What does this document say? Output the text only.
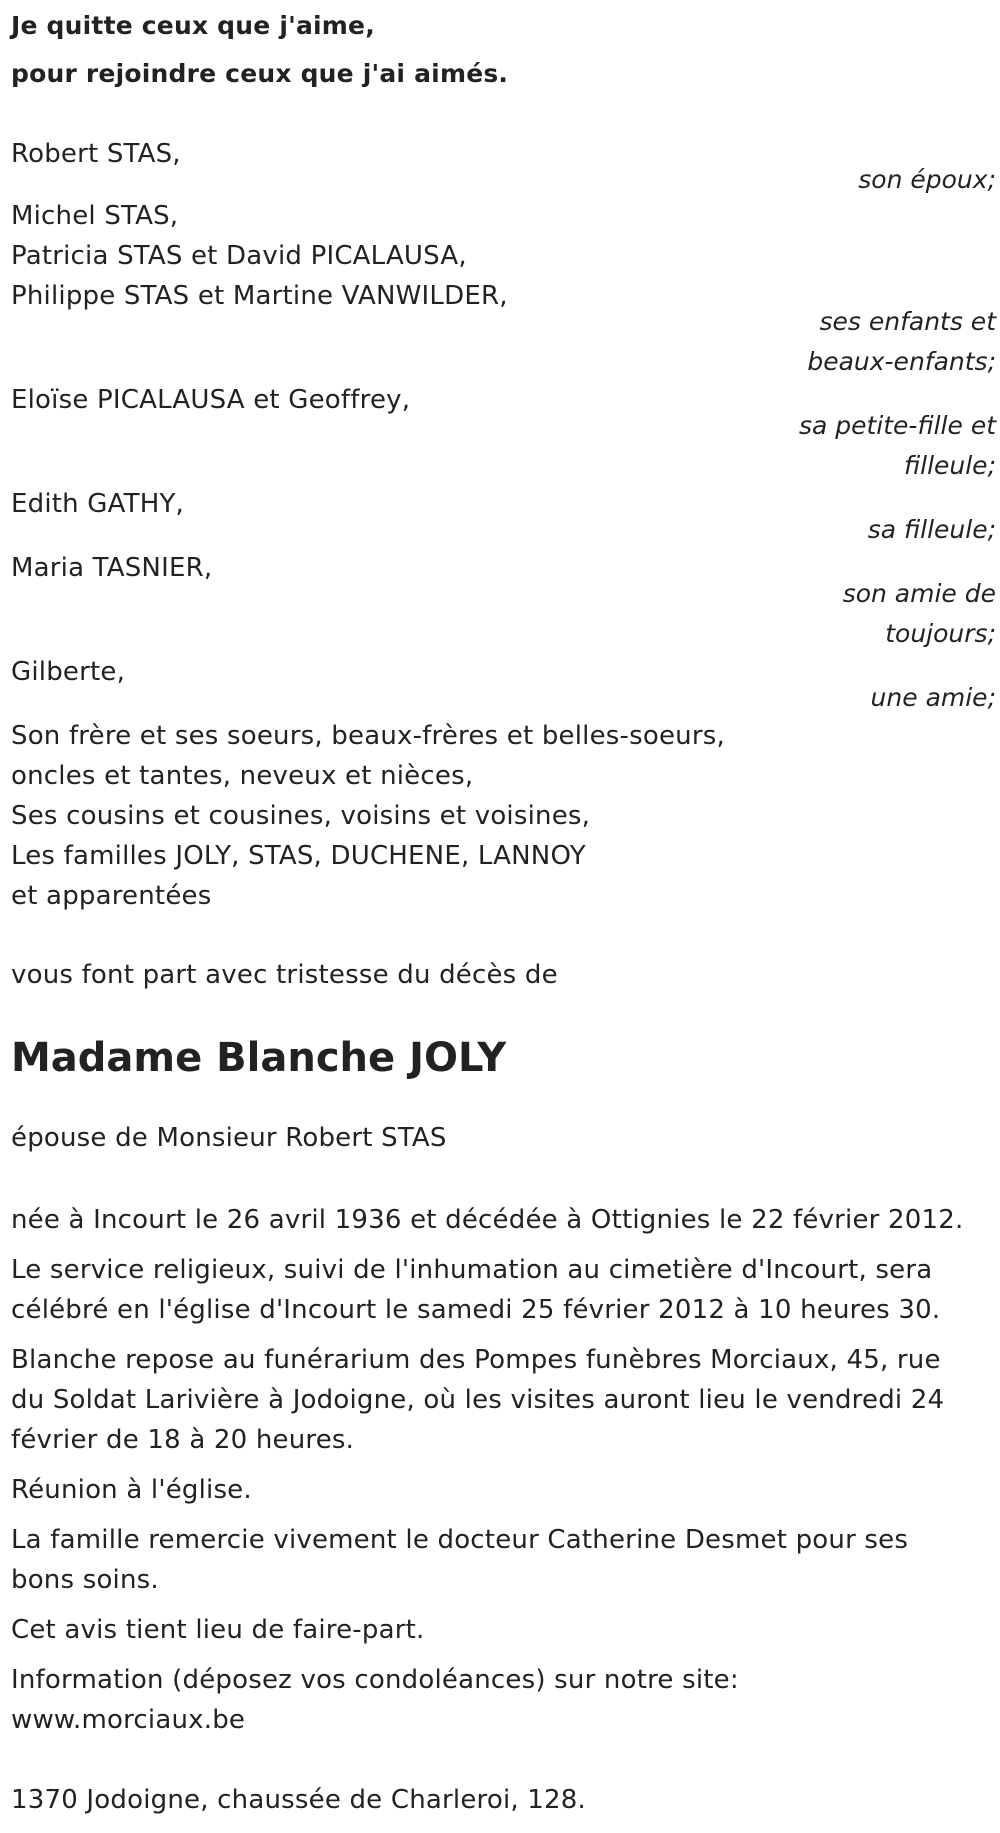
Je quitte ceux que j'aime,
pour rejoindre ceux que j'ai aimés.
Robert STAS,
son époux;
Michel STAS,
Patricia STAS et David PICALAUSA,
Philippe STAS et Martine VANWILDER,
ses enfants et
beaux-enfants;
Eloïse PICALAUSA et Geoffrey,
sa petite-fille et
filleule;
Edith GATHY,
sa filleule;
Maria TASNIER,
son amie de
toujours;
Gilberte,
une amie;
Son frère et ses soeurs, beaux-frères et belles-soeurs,
oncles et tantes, neveux et nièces,
Ses cousins et cousines, voisins et voisines,
Les familles JOLY, STAS, DUCHENE, LANNOY
et apparentées
vous font part avec tristesse du décès de
Madame Blanche JOLY
épouse de Monsieur Robert STAS
née à Incourt le 26 avril 1936 et décédée à Ottignies le 22 février 2012.
Le service religieux, suivi de l'inhumation au cimetière d'Incourt, sera
célébré en l'église d'Incourt le samedi 25 février 2012 à 10 heures 30.
Blanche repose au funérarium des Pompes funèbres Morciaux, 45, rue
du Soldat Larivière à Jodoigne, où les visites auront lieu le vendredi 24
février de 18 à 20 heures.
Réunion à l'église.
La famille remercie vivement le docteur Catherine Desmet pour ses
bons soins.
Cet avis tient lieu de faire-part.
Information (déposez vos condoléances) sur notre site:
www.morciaux.be
1370 Jodoigne, chaussée de Charleroi, 128.
